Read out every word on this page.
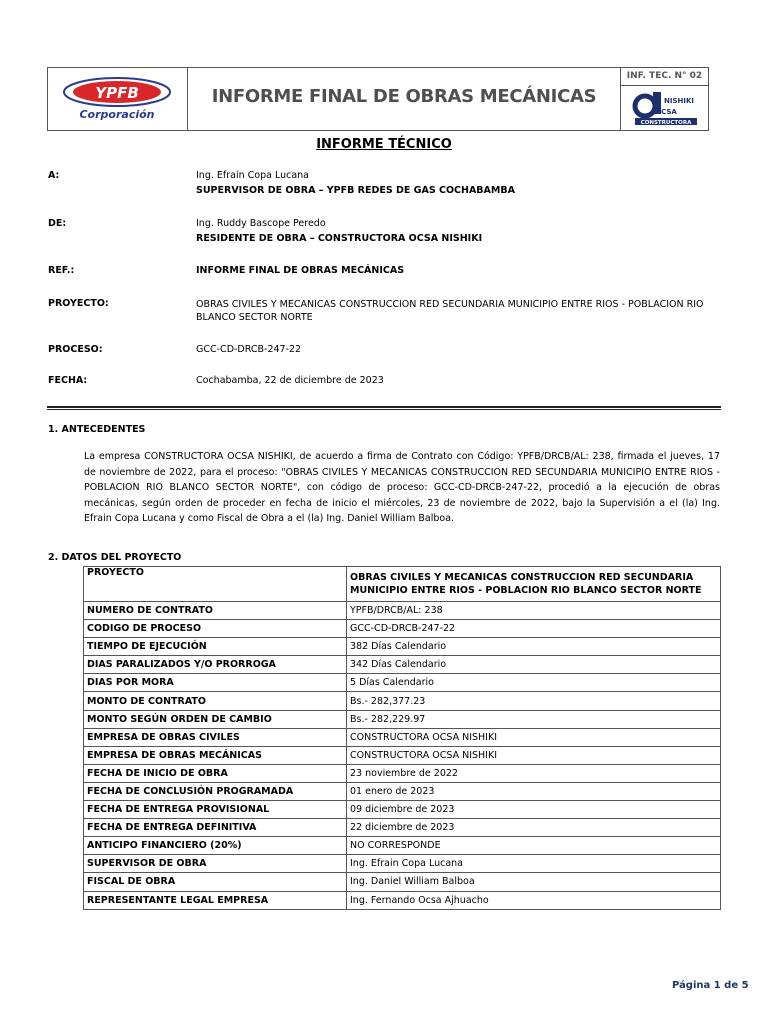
YPFB
Corporación
INFORME FINAL DE OBRAS MECÁNICAS
INF. TEC. N° 02
NISHIKI
CSA
CONSTRUCTORA
INFORME TÉCNICO
A:	Ing. Efrain Copa Lucana
SUPERVISOR DE OBRA – YPFB REDES DE GAS COCHABAMBA
DE:	Ing. Ruddy Bascope Peredo
RESIDENTE DE OBRA – CONSTRUCTORA OCSA NISHIKI
REF.:	INFORME FINAL DE OBRAS MECÁNICAS
PROYECTO:	OBRAS CIVILES Y MECANICAS CONSTRUCCION RED SECUNDARIA MUNICIPIO ENTRE RIOS - POBLACION RIO BLANCO SECTOR NORTE
PROCESO:	GCC-CD-DRCB-247-22
FECHA:	Cochabamba, 22 de diciembre de 2023
1. ANTECEDENTES
La empresa CONSTRUCTORA OCSA NISHIKI, de acuerdo a firma de Contrato con Código: YPFB/DRCB/AL: 238, firmada el jueves, 17 de noviembre de 2022, para el proceso: "OBRAS CIVILES Y MECANICAS CONSTRUCCION RED SECUNDARIA MUNICIPIO ENTRE RIOS - POBLACION RIO BLANCO SECTOR NORTE", con código de proceso: GCC-CD-DRCB-247-22, procedió a la ejecución de obras mecánicas, según orden de proceder en fecha de inicio el miércoles, 23 de noviembre de 2022, bajo la Supervisión a el (la) Ing. Efrain Copa Lucana y como Fiscal de Obra a el (la) Ing. Daniel William Balboa.
2. DATOS DEL PROYECTO
PROYECTO	OBRAS CIVILES Y MECANICAS CONSTRUCCION RED SECUNDARIA MUNICIPIO ENTRE RIOS - POBLACION RIO BLANCO SECTOR NORTE
NUMERO DE CONTRATO	YPFB/DRCB/AL: 238
CODIGO DE PROCESO	GCC-CD-DRCB-247-22
TIEMPO DE EJECUCIÓN	382 Días Calendario
DIAS PARALIZADOS Y/O PRORROGA	342 Días Calendario
DIAS POR MORA	5 Días Calendario
MONTO DE CONTRATO	Bs.- 282,377.23
MONTO SEGÚN ORDEN DE CAMBIO	Bs.- 282,229.97
EMPRESA DE OBRAS CIVILES	CONSTRUCTORA OCSA NISHIKI
EMPRESA DE OBRAS MECÁNICAS	CONSTRUCTORA OCSA NISHIKI
FECHA DE INICIO DE OBRA	23 noviembre de 2022
FECHA DE CONCLUSIÓN PROGRAMADA	01 enero de 2023
FECHA DE ENTREGA PROVISIONAL	09 diciembre de 2023
FECHA DE ENTREGA DEFINITIVA	22 diciembre de 2023
ANTICIPO FINANCIERO (20%)	NO CORRESPONDE
SUPERVISOR DE OBRA	Ing. Efrain Copa Lucana
FISCAL DE OBRA	Ing. Daniel William Balboa
REPRESENTANTE LEGAL EMPRESA	Ing. Fernando Ocsa Ajhuacho
Página 1 de 5
